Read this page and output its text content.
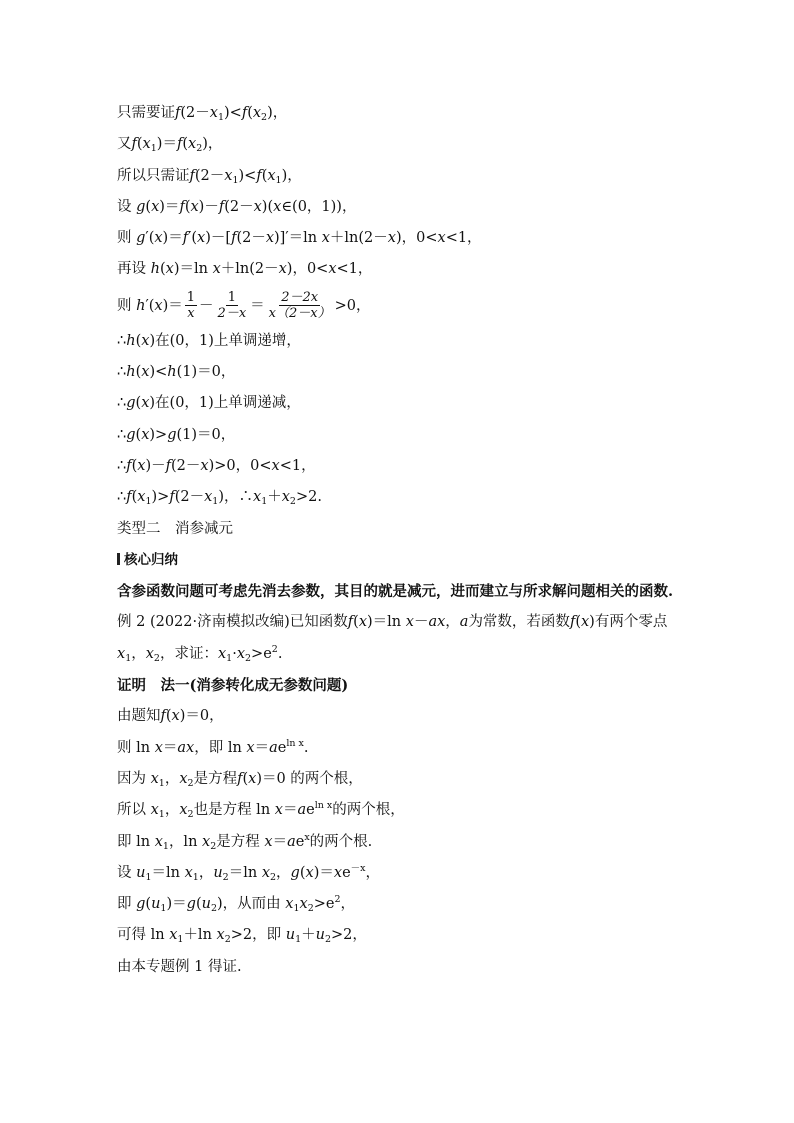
只需要证$f(2-x_1)<f(x_2)$，
又$f(x_1)=f(x_2)$，
所以只需证$f(2-x_1)<f(x_1)$，
设 g(x)＝f(x)－f(2－x)(x∈(0，1))，
则 g′(x)＝f′(x)－[f(2－x)]′＝ln x＋ln(2－x)，0<x<1，
再设 h(x)＝ln x＋ln(2－x)，0<x<1，
则 $h'(x)= \frac{1}{x} - \frac{1}{2-x} = \frac{2-2x}{x(2-x)} >0$，
∴h(x)在(0，1)上单调递增，
∴h(x)<h(1)＝0，
∴g(x)在(0，1)上单调递减，
∴g(x)>g(1)＝0，
∴f(x)－f(2－x)>0，0<x<1，
$\therefore f(x_1)>f(2-x_1)$，$\therefore x_1+x_2>2$.
类型二　消参减元
核心归纳
含参函数问题可考虑先消去参数，其目的就是减元，进而建立与所求解问题相关的函数.
例 2 (2022·济南模拟改编)已知函数f(x)＝ln x－ax，a为常数，若函数f(x)有两个零点 $x_1$，$x_2$，求证：$x_1\cdot x_2>e^2$.
证明　法一(消参转化成无参数问题)
由题知f(x)＝0，
则 ln x＝ax，即 $\ln x=ae^{ln x}$.
因为 $x_1$，$x_2$是方程f(x)＝0 的两个根，
所以 $x_1$，$x_2$也是方程 $\ln x=ae^{ln x}$的两个根，
即 $\ln x_1$，$\ln x_2$是方程 $x=ae^x$的两个根.
设 $u_1=\ln$ $x_1$，$u_2=\ln$ $x_2$，$g(x)=xe^{-x}$，
即 $g(u_1)=g(u_2)$，从而由 $x_1x_2>e^2$，
可得 $\ln x_1+\ln$ $x_2>2$，即 $u_1+u_2>2$，
由本专题例 1 得证.
